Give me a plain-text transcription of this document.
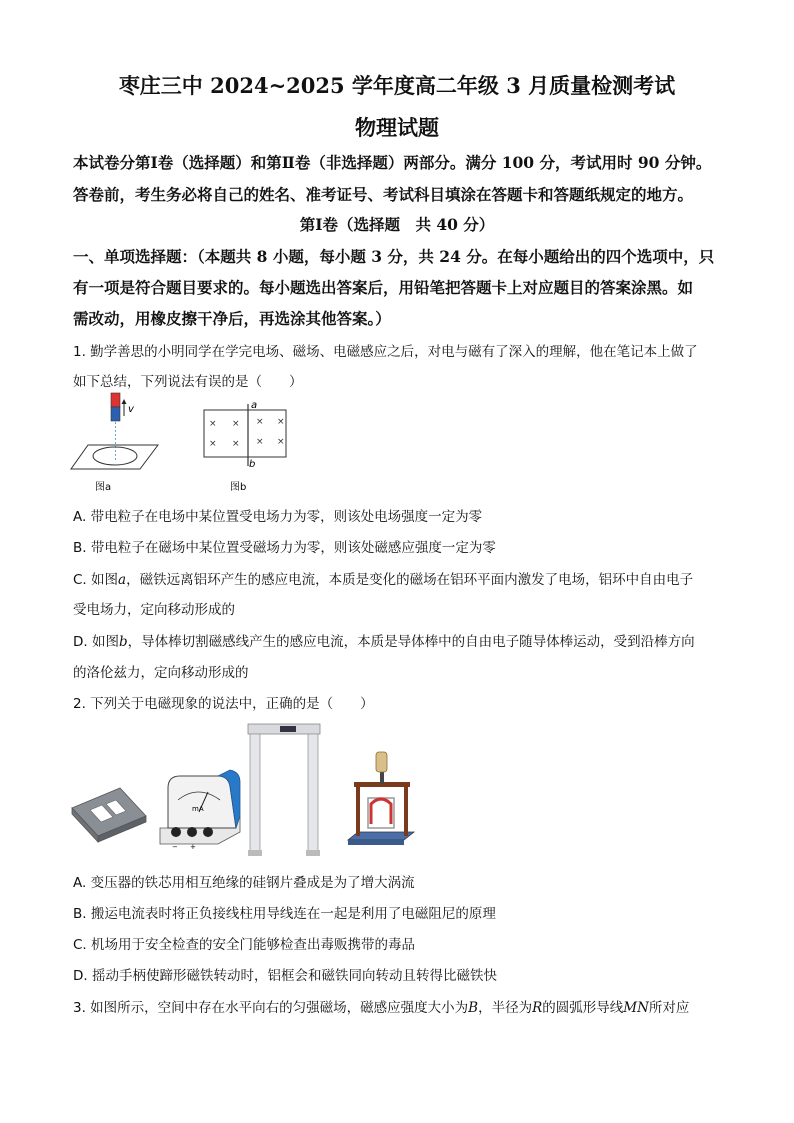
枣庄三中 2024~2025 学年度高二年级 3 月质量检测考试
物理试题
本试卷分第Ⅰ卷（选择题）和第Ⅱ卷（非选择题）两部分。满分 100 分，考试用时 90 分钟。
答卷前，考生务必将自己的姓名、准考证号、考试科目填涂在答题卡和答题纸规定的地方。
第Ⅰ卷（选择题　共 40 分）
一、单项选择题：（本题共 8 小题，每小题 3 分，共 24 分。在每小题给出的四个选项中，只
有一项是符合题目要求的。每小题选出答案后，用铅笔把答题卡上对应题目的答案涂黑。如
需改动，用橡皮擦干净后，再选涂其他答案。）
1. 勤学善思的小明同学在学完电场、磁场、电磁感应之后，对电与磁有了深入的理解，他在笔记本上做了
如下总结，下列说法有误的是（　　）
v
图a
a
b
× × × ×
× × × ×
图b
A. 带电粒子在电场中某位置受电场力为零，则该处电场强度一定为零
B. 带电粒子在磁场中某位置受磁场力为零，则该处磁感应强度一定为零
C. 如图a，磁铁远离铝环产生的感应电流，本质是变化的磁场在铝环平面内激发了电场，铝环中自由电子
受电场力，定向移动形成的
D. 如图b，导体棒切割磁感线产生的感应电流，本质是导体棒中的自由电子随导体棒运动，受到沿棒方向
的洛伦兹力，定向移动形成的
2. 下列关于电磁现象的说法中，正确的是（　　）
mA
− +
A. 变压器的铁芯用相互绝缘的硅钢片叠成是为了增大涡流
B. 搬运电流表时将正负接线柱用导线连在一起是利用了电磁阻尼的原理
C. 机场用于安全检查的安全门能够检查出毒贩携带的毒品
D. 摇动手柄使蹄形磁铁转动时，铝框会和磁铁同向转动且转得比磁铁快
3. 如图所示，空间中存在水平向右的匀强磁场，磁感应强度大小为B，半径为R的圆弧形导线MN所对应
